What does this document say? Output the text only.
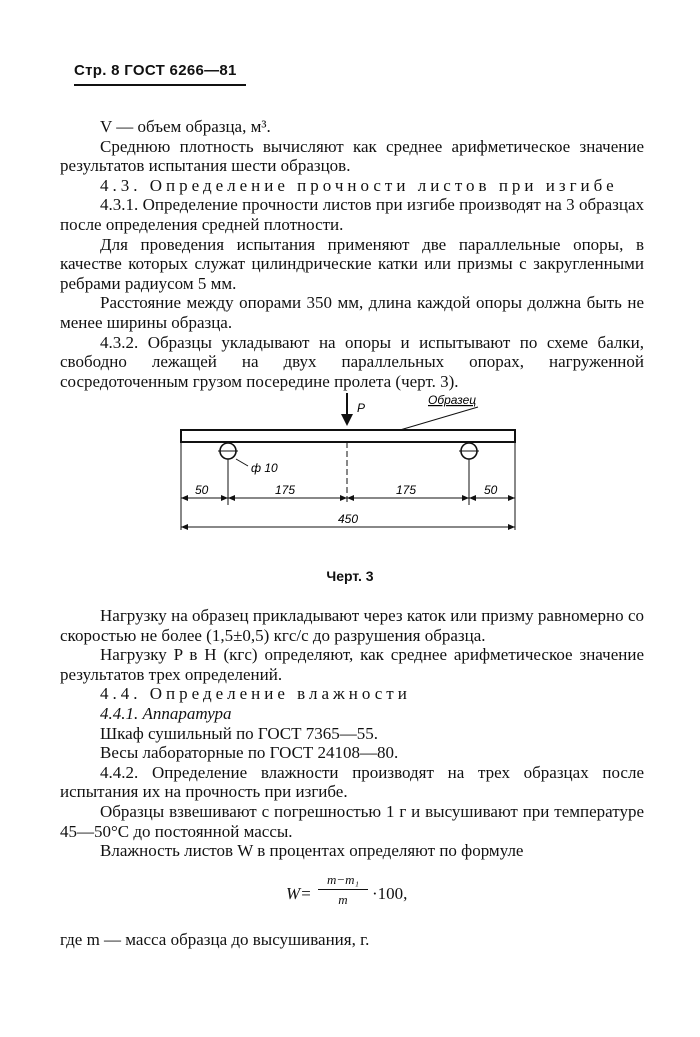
Стр. 8 ГОСТ 6266—81

V — объем образца, м³.

Среднюю плотность вычисляют как среднее арифметическое значение результатов испытания шести образцов.

4.3. Определение прочности листов при изгибе

4.3.1. Определение прочности листов при изгибе производят на 3 образцах после определения средней плотности.

Для проведения испытания применяют две параллельные опоры, в качестве которых служат цилиндрические катки или призмы с закругленными ребрами радиусом 5 мм.

Расстояние между опорами 350 мм, длина каждой опоры должна быть не менее ширины образца.

4.3.2. Образцы укладывают на опоры и испытывают по схеме балки, свободно лежащей на двух параллельных опорах, нагруженной сосредоточенным грузом посередине пролета (черт. 3).

P
Образец
ф 10
50	175	175	50
450
Черт. 3

Нагрузку на образец прикладывают через каток или призму равномерно со скоростью не более (1,5±0,5) кгс/с до разрушения образца.

Нагрузку P в Н (кгс) определяют, как среднее арифметическое значение результатов трех определений.

4.4. Определение влажности

4.4.1. Аппаратура

Шкаф сушильный по ГОСТ 7365—55.

Весы лабораторные по ГОСТ 24108—80.

4.4.2. Определение влажности производят на трех образцах после испытания их на прочность при изгибе.

Образцы взвешивают с погрешностью 1 г и высушивают при температуре 45—50°С до постоянной массы.

Влажность листов W в процентах определяют по формуле

$W= \frac{\text{m−m₁}}{m} \cdot 100$,

где m — масса образца до высушивания, г.
